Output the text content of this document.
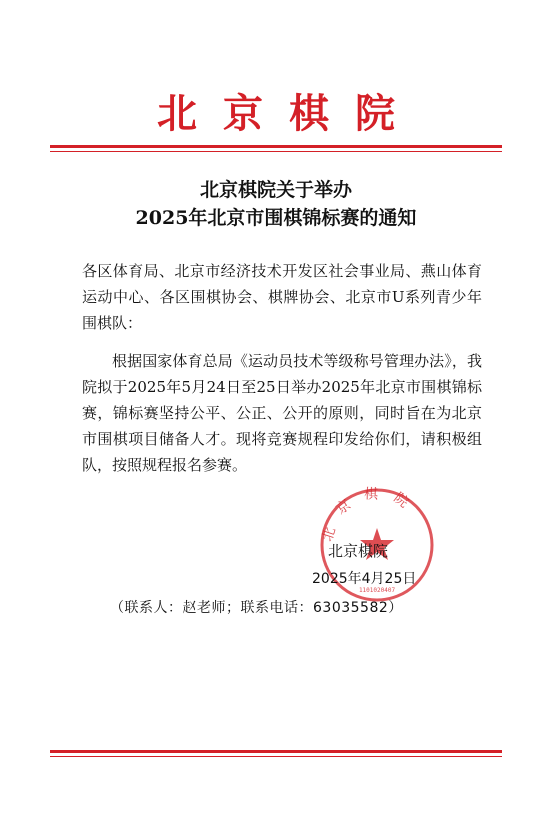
北京棋院
北京棋院关于举办
2025年北京市围棋锦标赛的通知
各区体育局、北京市经济技术开发区社会事业局、燕山体育运动中心、各区围棋协会、棋牌协会、北京市U系列青少年围棋队：
根据国家体育总局《运动员技术等级称号管理办法》，我院拟于2025年5月24日至25日举办2025年北京市围棋锦标赛，锦标赛坚持公平、公正、公开的原则，同时旨在为北京市围棋项目储备人才。现将竞赛规程印发给你们，请积极组队，按照规程报名参赛。
北京棋院
1101020407
北京棋院
2025年4月25日
（联系人：赵老师；联系电话：63035582）
